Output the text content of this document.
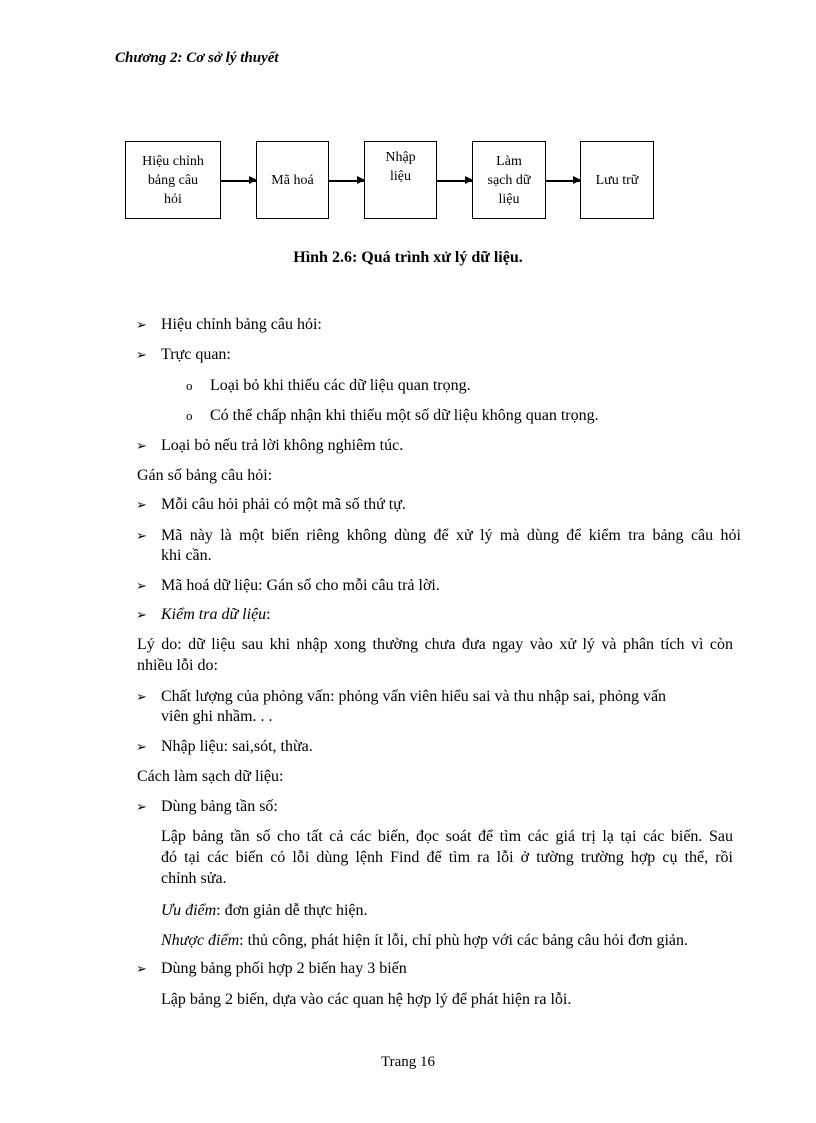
Chương 2: Cơ sở lý thuyết
Hiệu chỉnh
bảng câu
hỏi
Mã hoá
Nhập
liệu
Làm
sạch dữ
liệu
Lưu trữ
Hình 2.6: Quá trình xử lý dữ liệu.
➢ Hiệu chỉnh bảng câu hỏi:
➢ Trực quan:
o Loại bỏ khi thiếu các dữ liệu quan trọng.
o Có thể chấp nhận khi thiếu một số dữ liệu không quan trọng.
➢ Loại bỏ nếu trả lời không nghiêm túc.
Gán số bảng câu hỏi:
➢ Mỗi câu hỏi phải có một mã số thứ tự.
➢ Mã này là một biến riêng không dùng để xử lý mà dùng để kiểm tra bảng câu hỏi
khi cần.
➢ Mã hoá dữ liệu: Gán số cho mỗi câu trả lời.
➢ Kiểm tra dữ liệu:
Lý do: dữ liệu sau khi nhập xong thường chưa đưa ngay vào xử lý và phân tích vì còn
nhiều lỗi do:
➢ Chất lượng của phỏng vấn: phỏng vấn viên hiểu sai và thu nhập sai, phỏng vấn
viên ghi nhầm. . .
➢ Nhập liệu: sai,sót, thừa.
Cách làm sạch dữ liệu:
➢ Dùng bảng tần số:
Lập bảng tần số cho tất cả các biến, đọc soát để tìm các giá trị lạ tại các biến. Sau
đó tại các biến có lỗi dùng lệnh Find để tìm ra lỗi ở tường trường hợp cụ thể, rồi
chỉnh sửa.
Ưu điểm: đơn giản dễ thực hiện.
Nhược điểm: thủ công, phát hiện ít lỗi, chỉ phù hợp với các bảng câu hỏi đơn giản.
➢ Dùng bảng phối hợp 2 biến hay 3 biến
Lập bảng 2 biến, dựa vào các quan hệ hợp lý để phát hiện ra lỗi.
Trang 16
